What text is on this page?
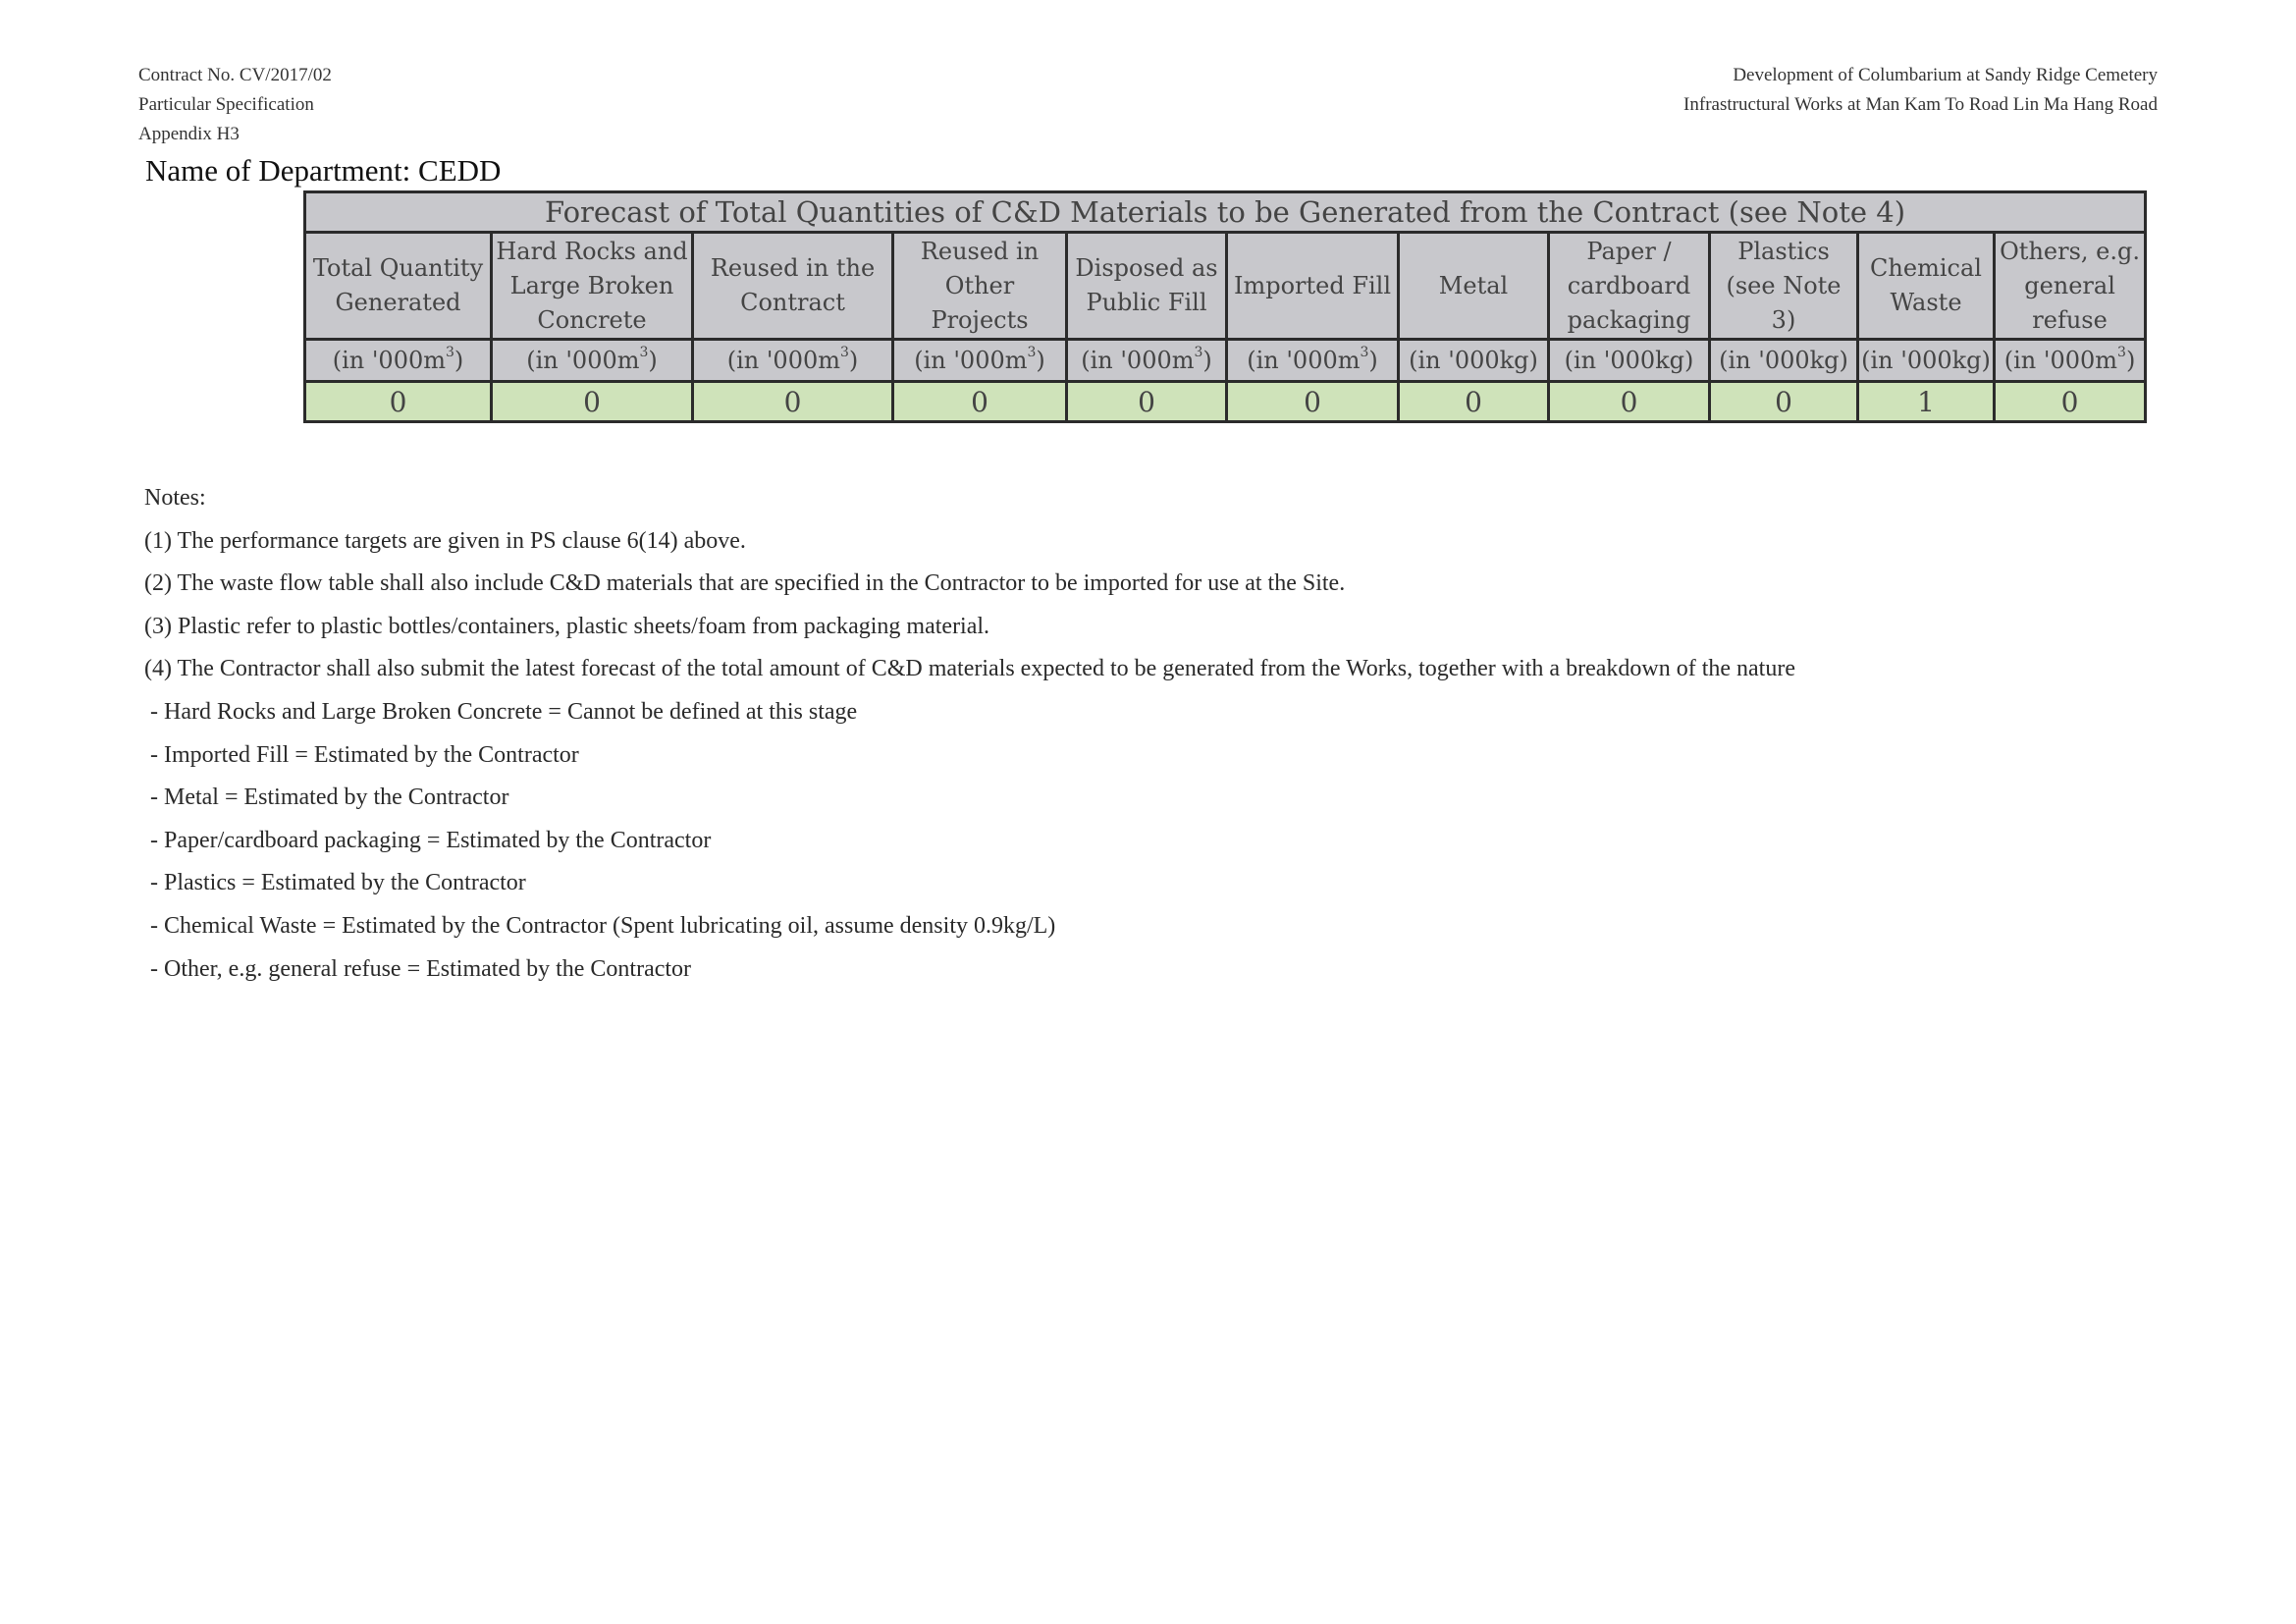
Contract No. CV/2017/02
Particular Specification
Appendix H3
Development of Columbarium at Sandy Ridge Cemetery
Infrastructural Works at Man Kam To Road Lin Ma Hang Road
Name of Department: CEDD
Forecast of Total Quantities of C&D Materials to be Generated from the Contract (see Note 4)										
Total Quantity Generated	Hard Rocks and Large Broken Concrete	Reused in the Contract	Reused in Other Projects	Disposed as Public Fill	Imported Fill	Metal	Paper / cardboard packaging	Plastics (see Note 3)	Chemical Waste	Others, e.g. general refuse
(in '$000m^3$)	(in '$000m^3$)	(in '$000m^3$)	(in '$000m^3$)	(in '$000m^3$)	(in '$000m^3$)	(in '000kg)	(in '000kg)	(in '000kg)	(in '000kg)	(in '$000m^3$)
0	0	0	0	0	0	0	0	0	1	0
Notes:
(1) The performance targets are given in PS clause 6(14) above.
(2) The waste flow table shall also include C&D materials that are specified in the Contractor to be imported for use at the Site.
(3) Plastic refer to plastic bottles/containers, plastic sheets/foam from packaging material.
(4) The Contractor shall also submit the latest forecast of the total amount of C&D materials expected to be generated from the Works, together with a breakdown of the nature
- Hard Rocks and Large Broken Concrete = Cannot be defined at this stage
- Imported Fill = Estimated by the Contractor
- Metal = Estimated by the Contractor
- Paper/cardboard packaging = Estimated by the Contractor
- Plastics = Estimated by the Contractor
- Chemical Waste = Estimated by the Contractor (Spent lubricating oil, assume density 0.9kg/L)
- Other, e.g. general refuse = Estimated by the Contractor
